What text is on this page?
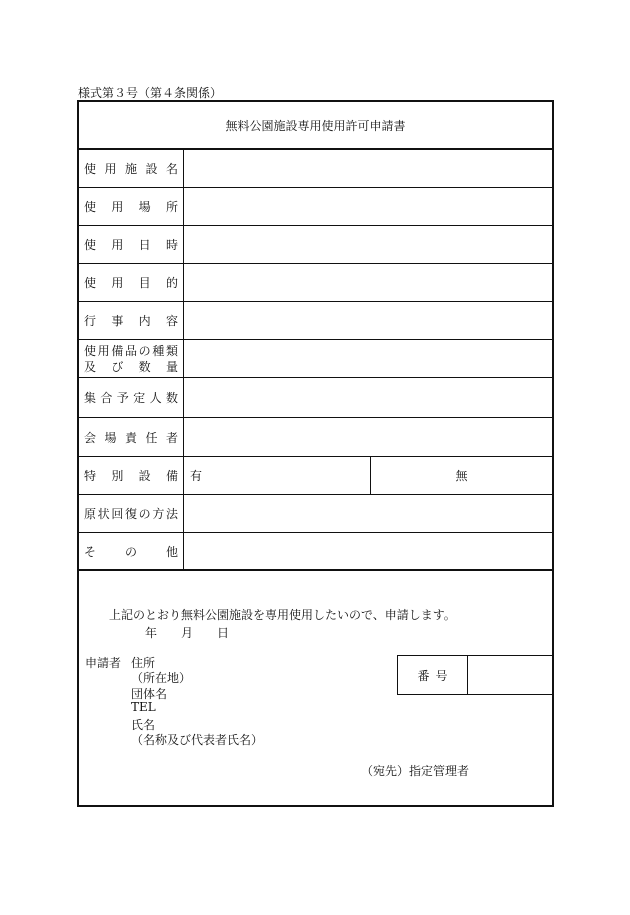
様式第３号（第４条関係）
無料公園施設専用使用許可申請書
使用施設名
使用場所
使用日時
使用目的
行事内容
使用備品の種類
及び数量
集合予定人数
会場責任者
特別設備 有	無
原状回復の方法
その他
上記のとおり無料公園施設を専用使用したいので、申請します。
年　　月　　日
申請者 住所
（所在地）
団体名
TEL
氏名
（名称及び代表者氏名）
番号
（宛先）指定管理者
